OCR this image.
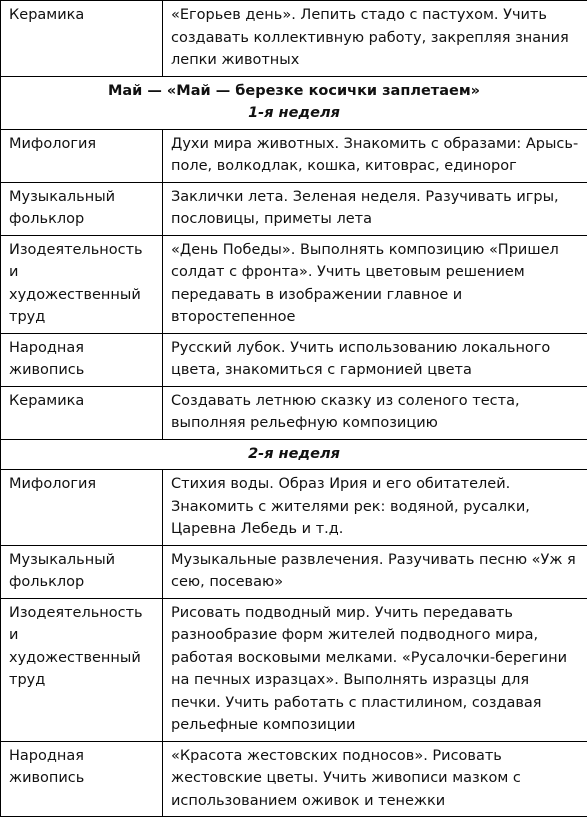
Керамика	«Егорьев день». Лепить стадо с пастухом. Учить создавать коллективную работу, закрепляя знания лепки животных

Май — «Май — березке косички заплетаем»
1-я неделя	

Мифология	Духи мира животных. Знакомить с образами: Арысь-поле, волкодлак, кошка, китоврас, единорог
Музыкальный фольклор	Заклички лета. Зеленая неделя. Разучивать игры, пословицы, приметы лета
Изодеятельность и художественный труд	«День Победы». Выполнять композицию «Пришел солдат с фронта». Учить цветовым решением передавать в изображении главное и второстепенное
Народная живопись	Русский лубок. Учить использованию локального цвета, знакомиться с гармонией цвета
Керамика	Создавать летнюю сказку из соленого теста, выполняя рельефную композицию

2-я неделя	

Мифология	Стихия воды. Образ Ирия и его обитателей. Знакомить с жителями рек: водяной, русалки, Царевна Лебедь и т.д.
Музыкальный фольклор	Музыкальные развлечения. Разучивать песню «Уж я сею, посеваю»
Изодеятельность и художественный труд	Рисовать подводный мир. Учить передавать разнообразие форм жителей подводного мира, работая восковыми мелками. «Русалочки-берегини на печных изразцах». Выполнять изразцы для печки. Учить работать с пластилином, создавая рельефные композиции
Народная живопись	«Красота жестовских подносов». Рисовать жестовские цветы. Учить живописи мазком с использованием оживок и тенежки
